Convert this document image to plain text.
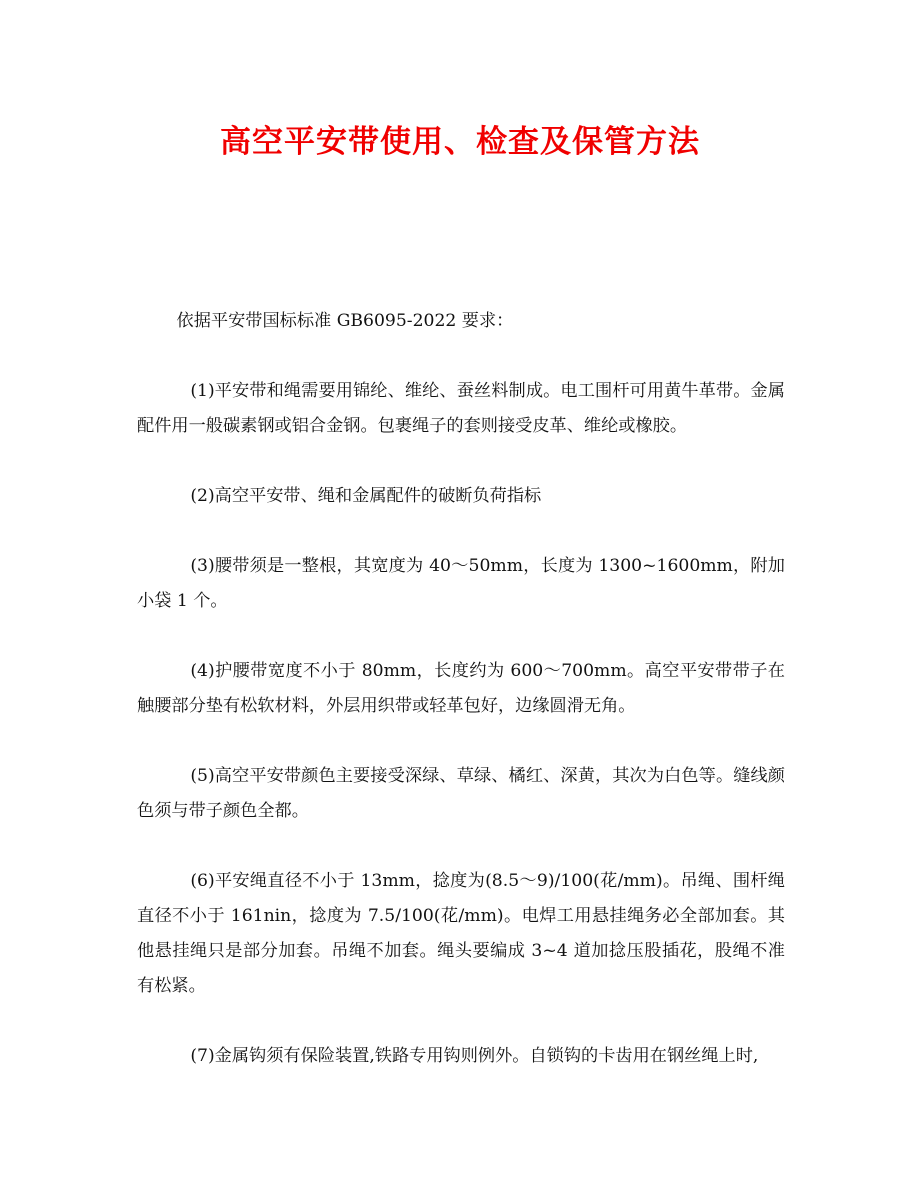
高空平安带使用、检查及保管方法

依据平安带国标标准 GB6095-2022 要求：

(1)平安带和绳需要用锦纶、维纶、蚕丝料制成。电工围杆可用黄牛革带。金属配件用一般碳素钢或铝合金钢。包裹绳子的套则接受皮革、维纶或橡胶。

(2)高空平安带、绳和金属配件的破断负荷指标

(3)腰带须是一整根，其宽度为 40～50mm，长度为 1300~1600mm，附加小袋 1 个。

(4)护腰带宽度不小于 80mm，长度约为 600～700mm。高空平安带带子在触腰部分垫有松软材料，外层用织带或轻革包好，边缘圆滑无角。

(5)高空平安带颜色主要接受深绿、草绿、橘红、深黄，其次为白色等。缝线颜色须与带子颜色全都。

(6)平安绳直径不小于 13mm，捻度为(8.5～9)/100(花/mm)。吊绳、围杆绳直径不小于 161nin，捻度为 7.5/100(花/mm)。电焊工用悬挂绳务必全部加套。其他悬挂绳只是部分加套。吊绳不加套。绳头要编成 3~4 道加捻压股插花，股绳不准有松紧。

(7)金属钩须有保险装置,铁路专用钩则例外。自锁钩的卡齿用在钢丝绳上时,
